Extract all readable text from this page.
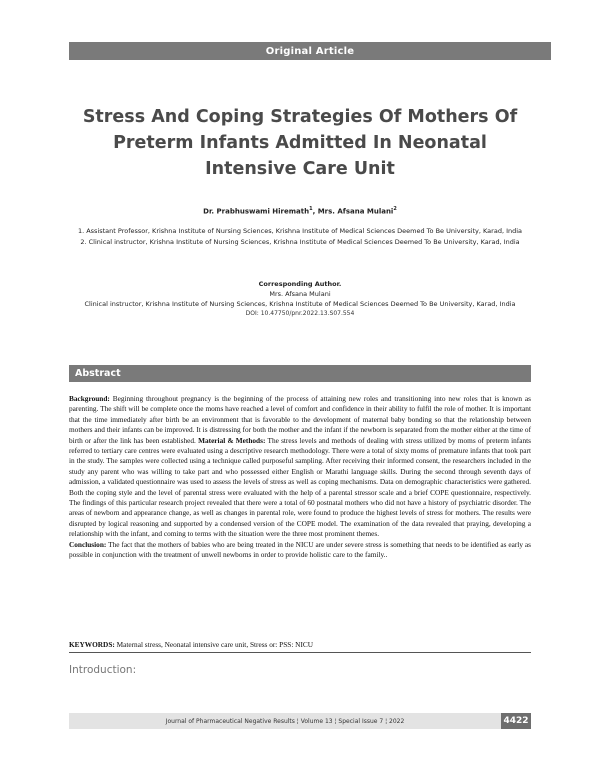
Original Article
Stress And Coping Strategies Of Mothers Of Preterm Infants Admitted In Neonatal Intensive Care Unit
Dr. Prabhuswami Hiremath$^1$, Mrs. Afsana Mulani$^2$

1. Assistant Professor, Krishna Institute of Nursing Sciences, Krishna Institute of Medical Sciences Deemed To Be University, Karad, India

2. Clinical instructor, Krishna Institute of Nursing Sciences, Krishna Institute of Medical Sciences Deemed To Be University, Karad, India

Corresponding Author.

Mrs. Afsana Mulani

Clinical instructor, Krishna Institute of Nursing Sciences, Krishna Institute of Medical Sciences Deemed To Be University, Karad, India

DOI: 10.47750/pnr.2022.13.S07.554

Abstract

Background: Beginning throughout pregnancy is the beginning of the process of attaining new roles and transitioning into new roles that is known as parenting. The shift will be complete once the moms have reached a level of comfort and confidence in their ability to fulfil the role of mother. It is important that the time immediately after birth be an environment that is favorable to the development of maternal baby bonding so that the relationship between mothers and their infants can be improved. It is distressing for both the mother and the infant if the newborn is separated from the mother either at the time of birth or after the link has been established. Material & Methods: The stress levels and methods of dealing with stress utilized by moms of preterm infants referred to tertiary care centres were evaluated using a descriptive research methodology. There were a total of sixty moms of premature infants that took part in the study. The samples were collected using a technique called purposeful sampling. After receiving their informed consent, the researchers included in the study any parent who was willing to take part and who possessed either English or Marathi language skills. During the second through seventh days of admission, a validated questionnaire was used to assess the levels of stress as well as coping mechanisms. Data on demographic characteristics were gathered. Both the coping style and the level of parental stress were evaluated with the help of a parental stressor scale and a brief COPE questionnaire, respectively. The findings of this particular research project revealed that there were a total of 60 postnatal mothers who did not have a history of psychiatric disorder. The areas of newborn and appearance change, as well as changes in parental role, were found to produce the highest levels of stress for mothers. The results were disrupted by logical reasoning and supported by a condensed version of the COPE model. The examination of the data revealed that praying, developing a relationship with the infant, and coming to terms with the situation were the three most prominent themes.

Conclusion: The fact that the mothers of babies who are being treated in the NICU are under severe stress is something that needs to be identified as early as possible in conjunction with the treatment of unwell newborns in order to provide holistic care to the family..

KEYWORDS: Maternal stress, Neonatal intensive care unit, Stress or: PSS: NICU
Introduction:
Journal of Pharmaceutical Negative Results ¦ Volume 13 ¦ Special Issue 7 ¦ 2022	4422
